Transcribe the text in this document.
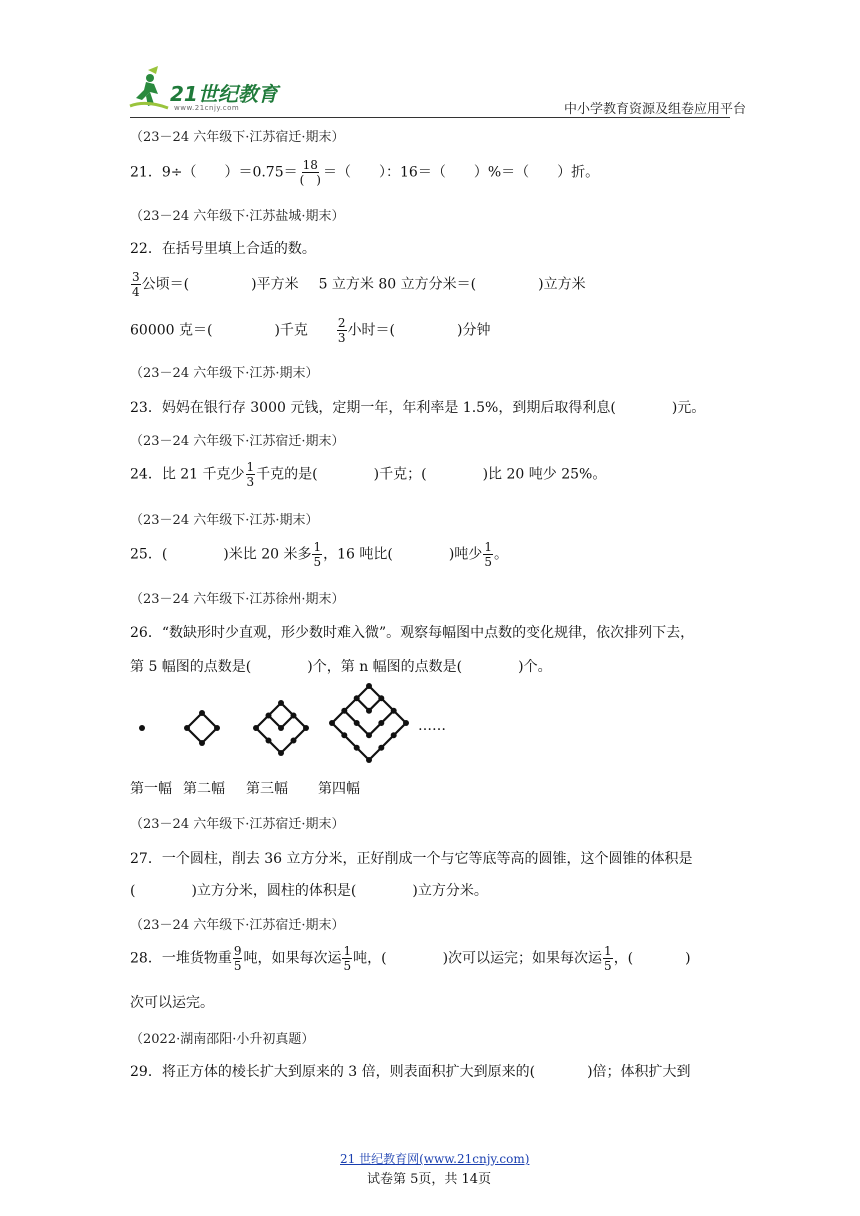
21世纪教育
www.21cnjy.com	中小学教育资源及组卷应用平台
（23－24 六年级下·江苏宿迁·期末）
21．9÷（　　）$=0.75= \frac{18}{( )}$ ＝（　　）：16＝（　　）%＝（　　）折。
（23－24 六年级下·江苏盐城·期末）
22．在括号里填上合适的数。
$\frac{3}{4}$ 公顷＝(	)平方米 5 立方米 80 立方分米＝(	)立方米
60000 克＝(	)千克 $\frac{2}{3}$ 小时＝(	)分钟
（23－24 六年级下·江苏·期末）
23．妈妈在银行存 3000 元钱，定期一年，年利率是 1.5%，到期后取得利息(	)元。
（23－24 六年级下·江苏宿迁·期末）
24．比 21 千克少 $\frac{1}{3}$ 千克的是(	)千克；(	)比 20 吨少 25%。
（23－24 六年级下·江苏·期末）
25．(	)米比 20 米多 $\frac{1}{5}$ ，16 吨比(	)吨少 $\frac{1}{5}$ 。
（23－24 六年级下·江苏徐州·期末）
26．“数缺形时少直观，形少数时难入微”。观察每幅图中点数的变化规律，依次排列下去，
第 5 幅图的点数是(	)个，第 n 幅图的点数是(	)个。
……
第一幅 第二幅 第三幅 第四幅
（23－24 六年级下·江苏宿迁·期末）
27．一个圆柱，削去 36 立方分米，正好削成一个与它等底等高的圆锥，这个圆锥的体积是
(	)立方分米，圆柱的体积是(	)立方分米。
（23－24 六年级下·江苏宿迁·期末）
28．一堆货物重 $\frac{9}{5}$ 吨，如果每次运 $\frac{1}{5}$ 吨，(	)次可以运完；如果每次运 $\frac{1}{5}$ ，(	)
次可以运完。
（2022·湖南邵阳·小升初真题）
29．将正方体的棱长扩大到原来的 3 倍，则表面积扩大到原来的(	)倍；体积扩大到
21 世纪教育网(www.21cnjy.com)
试卷第 5页，共 14页
